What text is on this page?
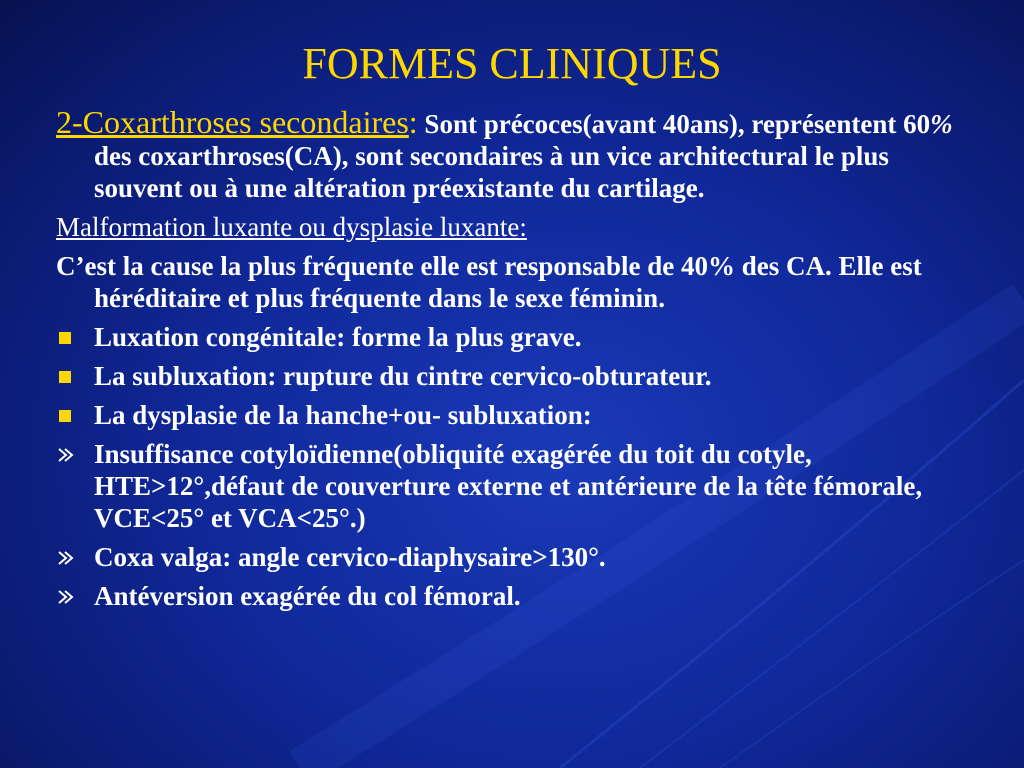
FORMES CLINIQUES

2-Coxarthroses secondaires: Sont précoces(avant 40ans), représentent 60% des coxarthroses(CA), sont secondaires à un vice architectural le plus souvent ou à une altération préexistante du cartilage.

Malformation luxante ou dysplasie luxante:

C’est la cause la plus fréquente elle est responsable de 40% des CA. Elle est héréditaire et plus fréquente dans le sexe féminin.

Luxation congénitale: forme la plus grave.
La subluxation: rupture du cintre cervico-obturateur.
La dysplasie de la hanche+ou- subluxation:
Insuffisance cotyloïdienne(obliquité exagérée du toit du cotyle, HTE>12°,défaut de couverture externe et antérieure de la tête fémorale, VCE<25° et VCA<25°.)
Coxa valga: angle cervico-diaphysaire>130°.
Antéversion exagérée du col fémoral.
